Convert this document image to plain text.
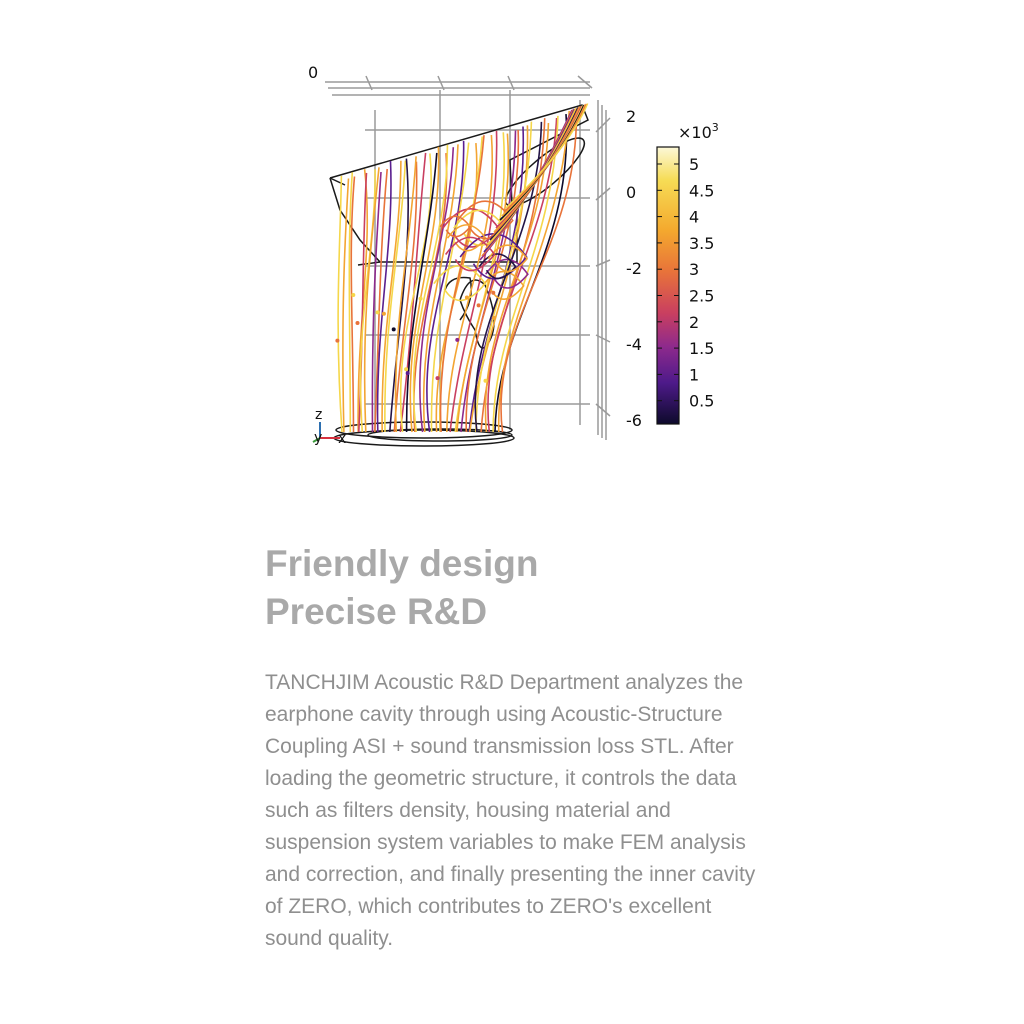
0
2
0
-2
-4
-6
z
y x
$\times 10^3$
5
4.5
4
3.5
3
2.5
2
1.5
1
0.5
Friendly design
Precise R&D

TANCHJIM Acoustic R&D Department analyzes the earphone cavity through using Acoustic-Structure Coupling ASI + sound transmission loss STL. After loading the geometric structure, it controls the data such as filters density, housing material and suspension system variables to make FEM analysis and correction, and finally presenting the inner cavity of ZERO, which contributes to ZERO's excellent sound quality.
